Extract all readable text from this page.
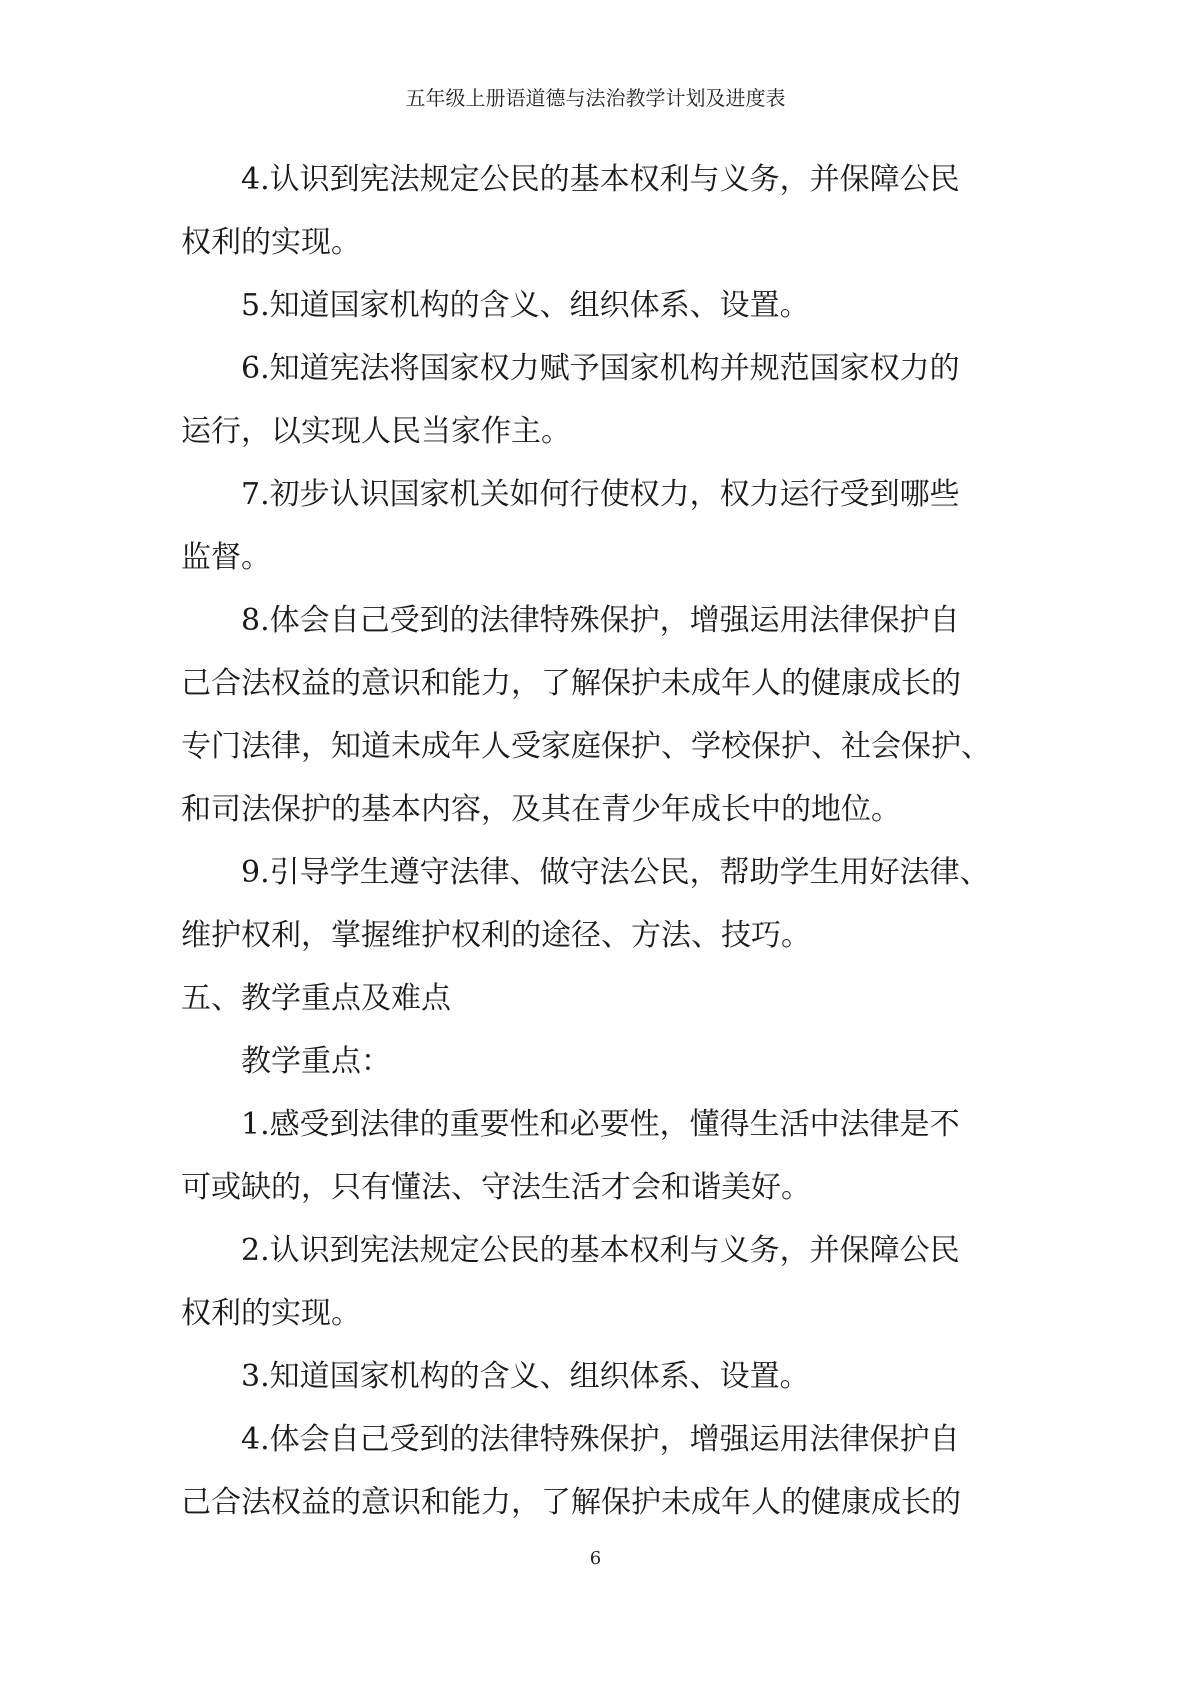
五年级上册语道德与法治教学计划及进度表

4.认识到宪法规定公民的基本权利与义务，并保障公民

权利的实现。

5.知道国家机构的含义、组织体系、设置。

6.知道宪法将国家权力赋予国家机构并规范国家权力的

运行，以实现人民当家作主。

7.初步认识国家机关如何行使权力，权力运行受到哪些

监督。

8.体会自己受到的法律特殊保护，增强运用法律保护自

己合法权益的意识和能力，了解保护未成年人的健康成长的

专门法律，知道未成年人受家庭保护、学校保护、社会保护、

和司法保护的基本内容，及其在青少年成长中的地位。

9.引导学生遵守法律、做守法公民，帮助学生用好法律、

维护权利，掌握维护权利的途径、方法、技巧。

五、教学重点及难点

教学重点：

1.感受到法律的重要性和必要性，懂得生活中法律是不

可或缺的，只有懂法、守法生活才会和谐美好。

2.认识到宪法规定公民的基本权利与义务，并保障公民

权利的实现。

3.知道国家机构的含义、组织体系、设置。

4.体会自己受到的法律特殊保护，增强运用法律保护自

己合法权益的意识和能力，了解保护未成年人的健康成长的

6
